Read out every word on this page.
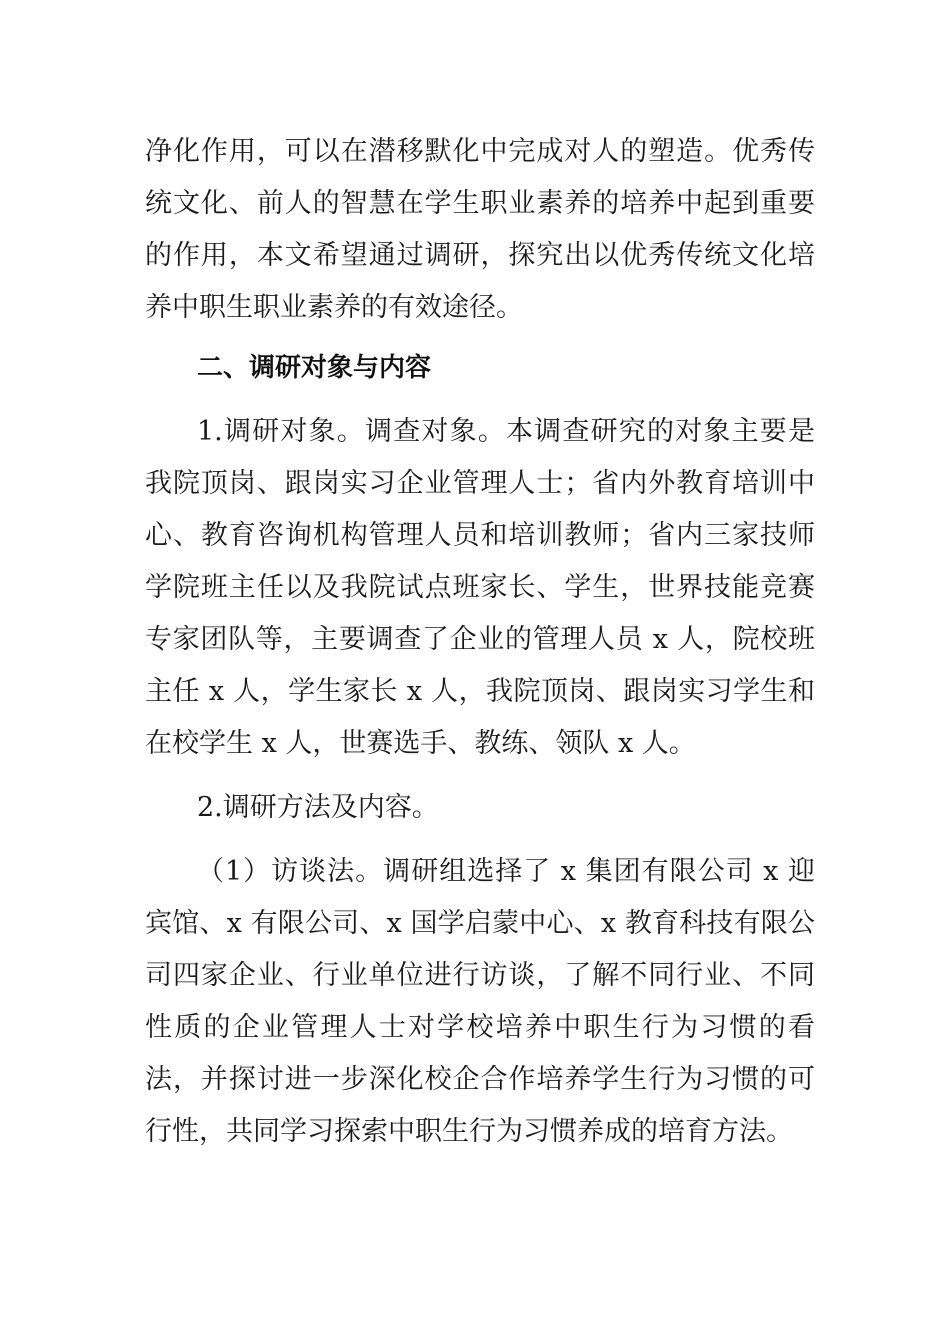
净化作用，可以在潜移默化中完成对人的塑造。优秀传统文化、前人的智慧在学生职业素养的培养中起到重要的作用，本文希望通过调研，探究出以优秀传统文化培养中职生职业素养的有效途径。

二、调研对象与内容

1.调研对象。调查对象。本调查研究的对象主要是我院顶岗、跟岗实习企业管理人士；省内外教育培训中心、教育咨询机构管理人员和培训教师；省内三家技师学院班主任以及我院试点班家长、学生，世界技能竞赛专家团队等，主要调查了企业的管理人员 x 人，院校班主任 x 人，学生家长 x 人，我院顶岗、跟岗实习学生和在校学生 x 人，世赛选手、教练、领队 x 人。

2.调研方法及内容。

（1）访谈法。调研组选择了 x 集团有限公司 x 迎宾馆、x 有限公司、x 国学启蒙中心、x 教育科技有限公司四家企业、行业单位进行访谈，了解不同行业、不同性质的企业管理人士对学校培养中职生行为习惯的看法，并探讨进一步深化校企合作培养学生行为习惯的可行性，共同学习探索中职生行为习惯养成的培育方法。
